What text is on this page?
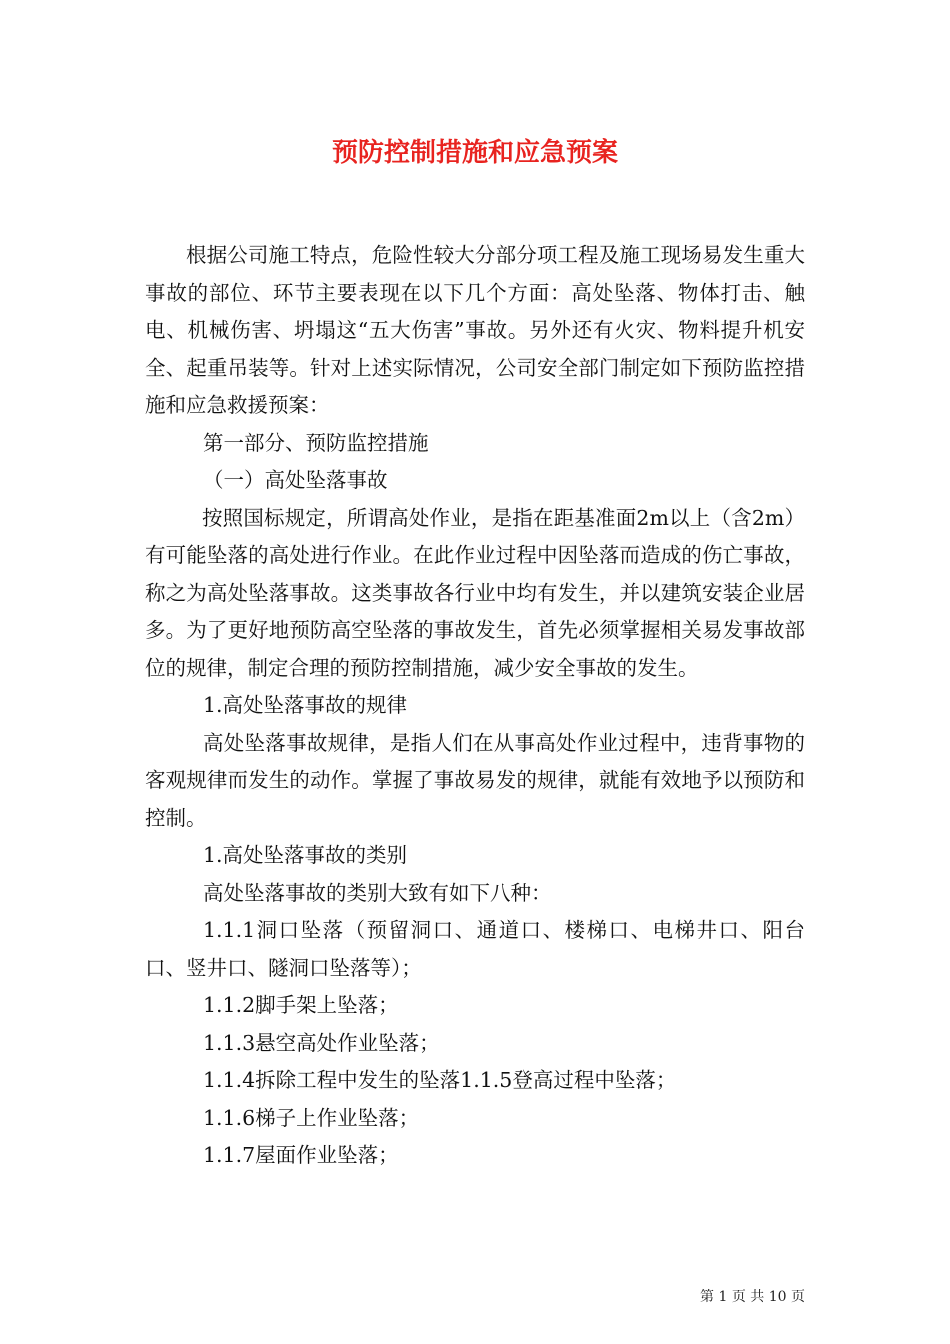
预防控制措施和应急预案

根据公司施工特点，危险性较大分部分项工程及施工现场易发生重大事故的部位、环节主要表现在以下几个方面：高处坠落、物体打击、触电、机械伤害、坍塌这“五大伤害”事故。另外还有火灾、物料提升机安全、起重吊装等。针对上述实际情况，公司安全部门制定如下预防监控措施和应急救援预案：

第一部分、预防监控措施

（一）高处坠落事故

按照国标规定，所谓高处作业，是指在距基准面2m以上（含2m）有可能坠落的高处进行作业。在此作业过程中因坠落而造成的伤亡事故，称之为高处坠落事故。这类事故各行业中均有发生，并以建筑安装企业居多。为了更好地预防高空坠落的事故发生，首先必须掌握相关易发事故部位的规律，制定合理的预防控制措施，减少安全事故的发生。

1.高处坠落事故的规律

高处坠落事故规律，是指人们在从事高处作业过程中，违背事物的客观规律而发生的动作。掌握了事故易发的规律，就能有效地予以预防和控制。

1.高处坠落事故的类别

高处坠落事故的类别大致有如下八种：

1.1.1洞口坠落（预留洞口、通道口、楼梯口、电梯井口、阳台口、竖井口、隧洞口坠落等）；

1.1.2脚手架上坠落；

1.1.3悬空高处作业坠落；

1.1.4拆除工程中发生的坠落1.1.5登高过程中坠落；

1.1.6梯子上作业坠落；

1.1.7屋面作业坠落；

第 1 页 共 10 页
